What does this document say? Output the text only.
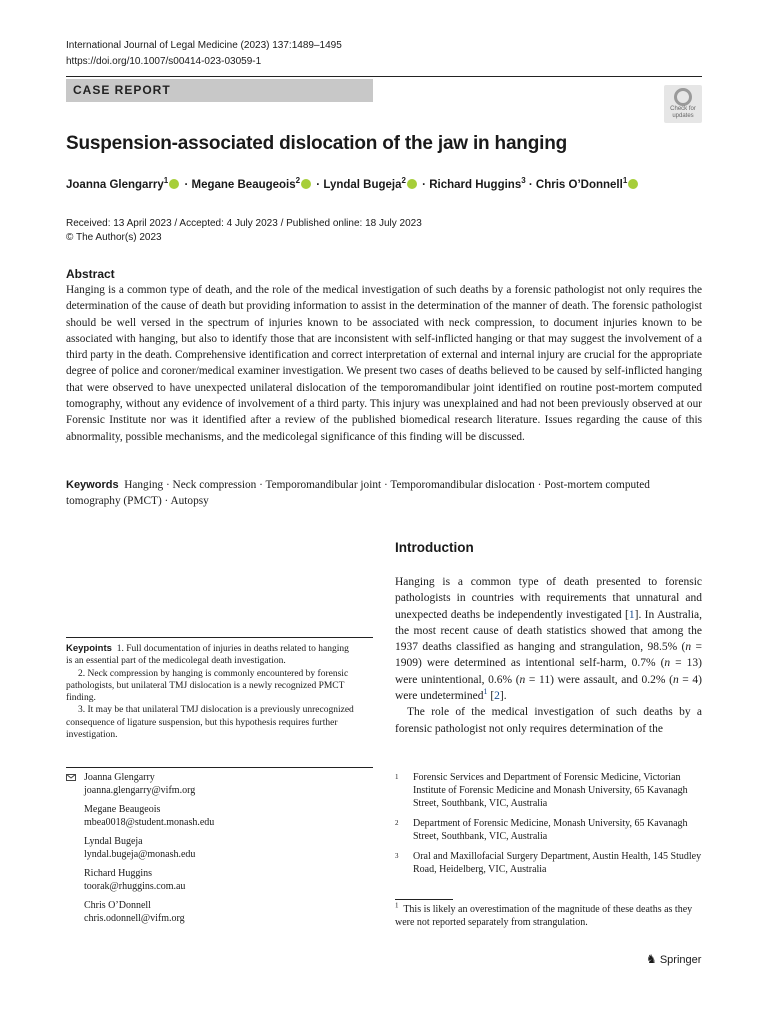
International Journal of Legal Medicine (2023) 137:1489–1495
https://doi.org/10.1007/s00414-023-03059-1
CASE REPORT
Check for
updates
Suspension-associated dislocation of the jaw in hanging
Joanna Glengarry$^1$ · Megane Beaugeois$^2$ · Lyndal Bugeja$^2$ · Richard Huggins$^3$ · Chris O’Donnell$^1$
Received: 13 April 2023 / Accepted: 4 July 2023 / Published online: 18 July 2023
© The Author(s) 2023
Abstract

Hanging is a common type of death, and the role of the medical investigation of such deaths by a forensic pathologist not only requires the determination of the cause of death but providing information to assist in the determination of the manner of death. The forensic pathologist should be well versed in the spectrum of injuries known to be associated with neck compression, to document injuries known to be associated with hanging, but also to identify those that are inconsistent with self-inflicted hanging or that may suggest the involvement of a third party in the death. Comprehensive identification and correct interpretation of external and internal injury are crucial for the appropriate degree of police and coroner/medical examiner investigation. We present two cases of deaths believed to be caused by self-inflicted hanging that were observed to have unexpected unilateral dislocation of the temporomandibular joint identified on routine post-mortem computed tomography, without any evidence of involvement of a third party. This injury was unexplained and had not been previously observed at our Forensic Institute nor was it identified after a review of the published biomedical research literature. Issues regarding the cause of this abnormality, possible mechanisms, and the medicolegal significance of this finding will be discussed.

Keywords Hanging · Neck compression · Temporomandibular joint · Temporomandibular dislocation · Post-mortem computed tomography (PMCT) · Autopsy

Introduction

Hanging is a common type of death presented to forensic pathologists in countries with requirements that unnatural and unexpected deaths be independently investigated [1]. In Australia, the most recent cause of death statistics showed that among the 1937 deaths classified as hanging and strangulation, 98.5% (n = 1909) were determined as intentional self-harm, 0.7% (n = 13) were unintentional, 0.6% (n = 11) were assault, and 0.2% (n = 4) were undetermined$^1$ [2].

The role of the medical investigation of such deaths by a forensic pathologist not only requires determination of the

Keypoints 1. Full documentation of injuries in deaths related to hanging is an essential part of the medicolegal death investigation.

2. Neck compression by hanging is commonly encountered by forensic pathologists, but unilateral TMJ dislocation is a newly recognized PMCT finding.

3. It may be that unilateral TMJ dislocation is a previously unrecognized consequence of ligature suspension, but this hypothesis requires further investigation.

Joanna Glengarry
joanna.glengarry@vifm.org
Megane Beaugeois
mbea0018@student.monash.edu
Lyndal Bugeja
lyndal.bugeja@monash.edu
Richard Huggins
toorak@rhuggins.com.au
Chris O’Donnell
chris.odonnell@vifm.org
1	Forensic Services and Department of Forensic Medicine, Victorian Institute of Forensic Medicine and Monash University, 65 Kavanagh Street, Southbank, VIC, Australia
2	Department of Forensic Medicine, Monash University, 65 Kavanagh Street, Southbank, VIC, Australia
3	Oral and Maxillofacial Surgery Department, Austin Health, 145 Studley Road, Heidelberg, VIC, Australia

$^1$ This is likely an overestimation of the magnitude of these deaths as they were not reported separately from strangulation.

♞ Springer
